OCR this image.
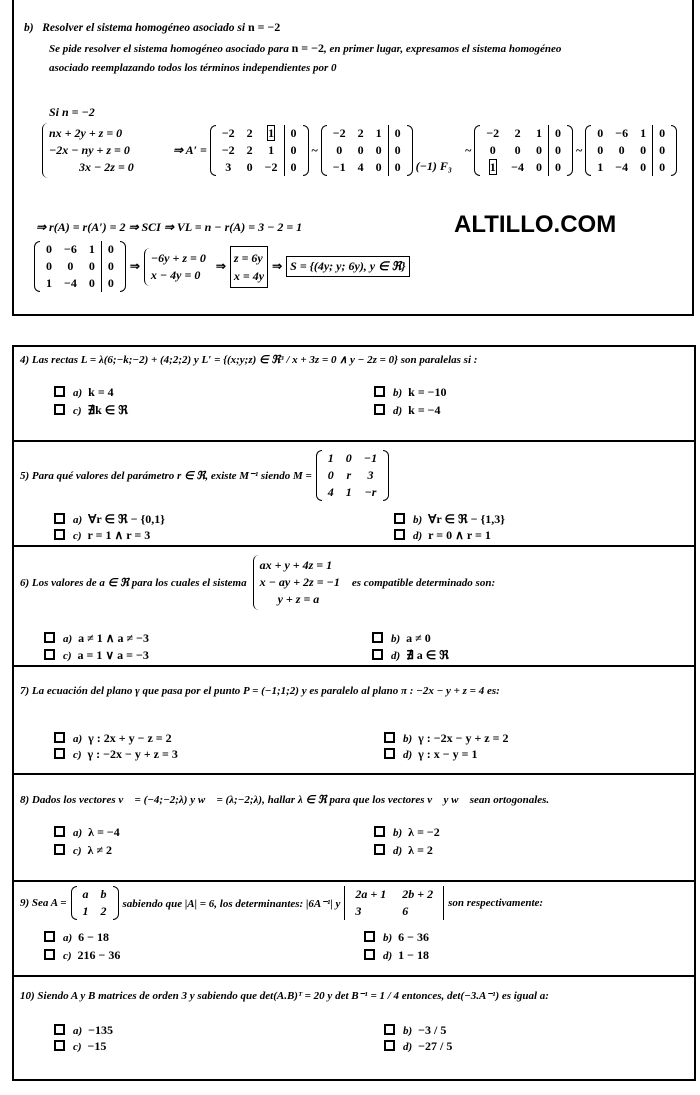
b) Resolver el sistema homogéneo asociado si n = −2
Se pide resolver el sistema homogéneo asociado para n = −2, en primer lugar, expresamos el sistema homogéneo
asociado reemplazando todos los términos independientes por 0
Si n = −2
nx + 2y + z = 0
−2x − ny + z = 0
3x − 2z = 0
⇒ A′ =
−2	2	1	0
−2	2	1	0
3	0	−2	0
~
−2	2	1	0
0	0	0	0
−1	4	0	0 (−1) F₃
~
−2	2	1	0
0	0	0	0
1	−4	0	0
~
0	−6	1	0
0	0	0	0
1	−4	0	0
⇒ r(A) = r(A′) = 2 ⇒ SCI ⇒ VL = n − r(A) = 3 − 2 = 1	ALTILLO.COM
0	−6	1	0
0	0	0	0
1	−4	0	0
⇒
−6y + z = 0
x − 4y = 0
⇒
z = 6y
x = 4y
⇒ S = {(4y; y; 6y), y ∈ ℜ}
4) Las rectas L = λ(6;−k;−2) + (4;2;2) y L′ = {(x;y;z) ∈ ℜ³ / x + 3z = 0 ∧ y − 2z = 0} son paralelas si :
a) k = 4	b) k = −10
c) ∄k ∈ ℜ	d) k = −4
5) Para qué valores del parámetro r ∈ ℜ, existe M⁻¹ siendo M =
1	0	−1
0	r	3
4	1	−r
a) ∀r ∈ ℜ − {0,1}	b) ∀r ∈ ℜ − {1,3}
c) r = 1 ∧ r = 3	d) r = 0 ∧ r = 1
6) Los valores de a ∈ ℜ para los cuales el sistema
ax + y + 4z = 1
x − ay + 2z = −1
y + z = a
es compatible determinado son:
a) a ≠ 1 ∧ a ≠ −3	b) a ≠ 0
c) a = 1 ∨ a = −3	d) ∄ a ∈ ℜ
7) La ecuación del plano γ que pasa por el punto P = (−1;1;2) y es paralelo al plano π : −2x − y + z = 4 es:
a) γ : 2x + y − z = 2	b) γ : −2x − y + z = 2
c) γ : −2x − y + z = 3	d) γ : x − y = 1
8) Dados los vectores v⃗ = (−4;−2;λ) y w⃗ = (λ;−2;λ), hallar λ ∈ ℜ para que los vectores v⃗ y w⃗ sean ortogonales.
a) λ = −4	b) λ = −2
c) λ ≠ 2	d) λ = 2
9) Sea A =
a	b
1	2
sabiendo que |A| = 6, los determinantes: |6A⁻¹| y
2a + 1	2b + 2
3	6
son respectivamente:
a) 6 − 18	b) 6 − 36
c) 216 − 36	d) 1 − 18
10) Siendo A y B matrices de orden 3 y sabiendo que det(A.B)ᵀ = 20 y det B⁻¹ = 1 / 4 entonces, det(−3.A⁻¹) es igual a:
a) −135	b) −3 / 5
c) −15	d) −27 / 5
